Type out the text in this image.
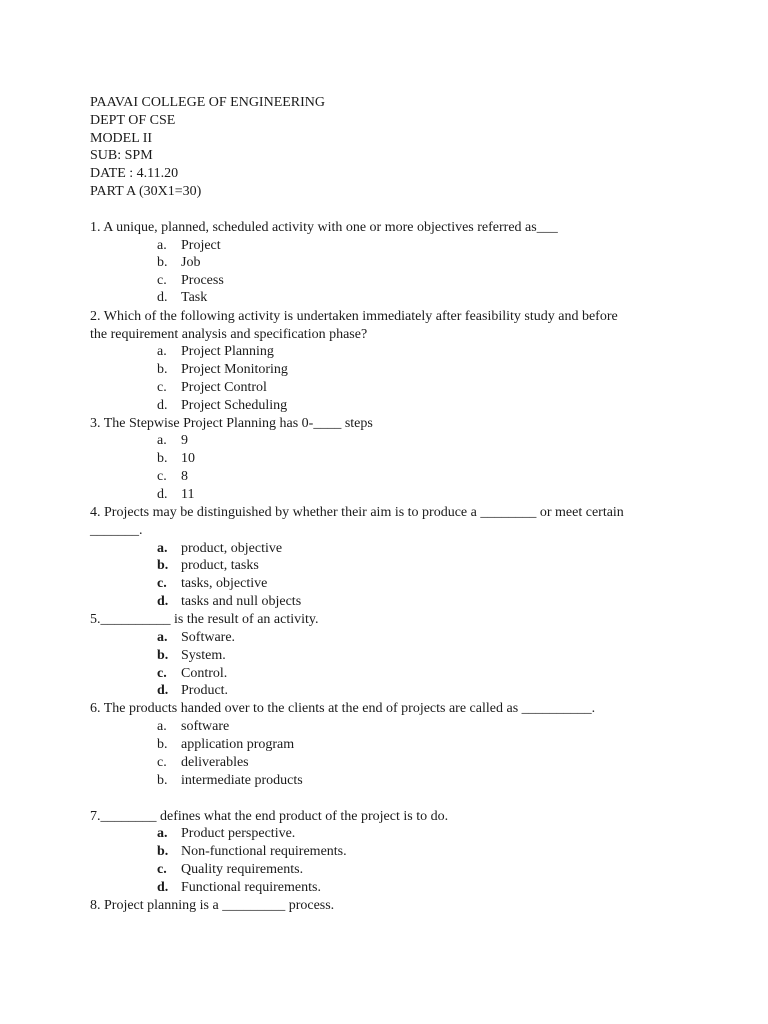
PAAVAI COLLEGE OF ENGINEERING
DEPT OF CSE
MODEL II
SUB: SPM
DATE : 4.11.20
PART A (30X1=30)
1. A unique, planned, scheduled activity with one or more objectives referred as___
a. Project
b. Job
c. Process
d. Task
2. Which of the following activity is undertaken immediately after feasibility study and before
the requirement analysis and specification phase?
a. Project Planning
b. Project Monitoring
c. Project Control
d. Project Scheduling
3. The Stepwise Project Planning has 0-____ steps
a. 9
b. 10
c. 8
d. 11
4. Projects may be distinguished by whether their aim is to produce a ________ or meet certain
_______.
a. product, objective
b. product, tasks
c. tasks, objective
d. tasks and null objects
5.__________ is the result of an activity.
a. Software.
b. System.
c. Control.
d. Product.
6. The products handed over to the clients at the end of projects are called as __________.
a. software
b. application program
c. deliverables
b. intermediate products
7.________ defines what the end product of the project is to do.
a. Product perspective.
b. Non-functional requirements.
c. Quality requirements.
d. Functional requirements.
8. Project planning is a _________ process.
